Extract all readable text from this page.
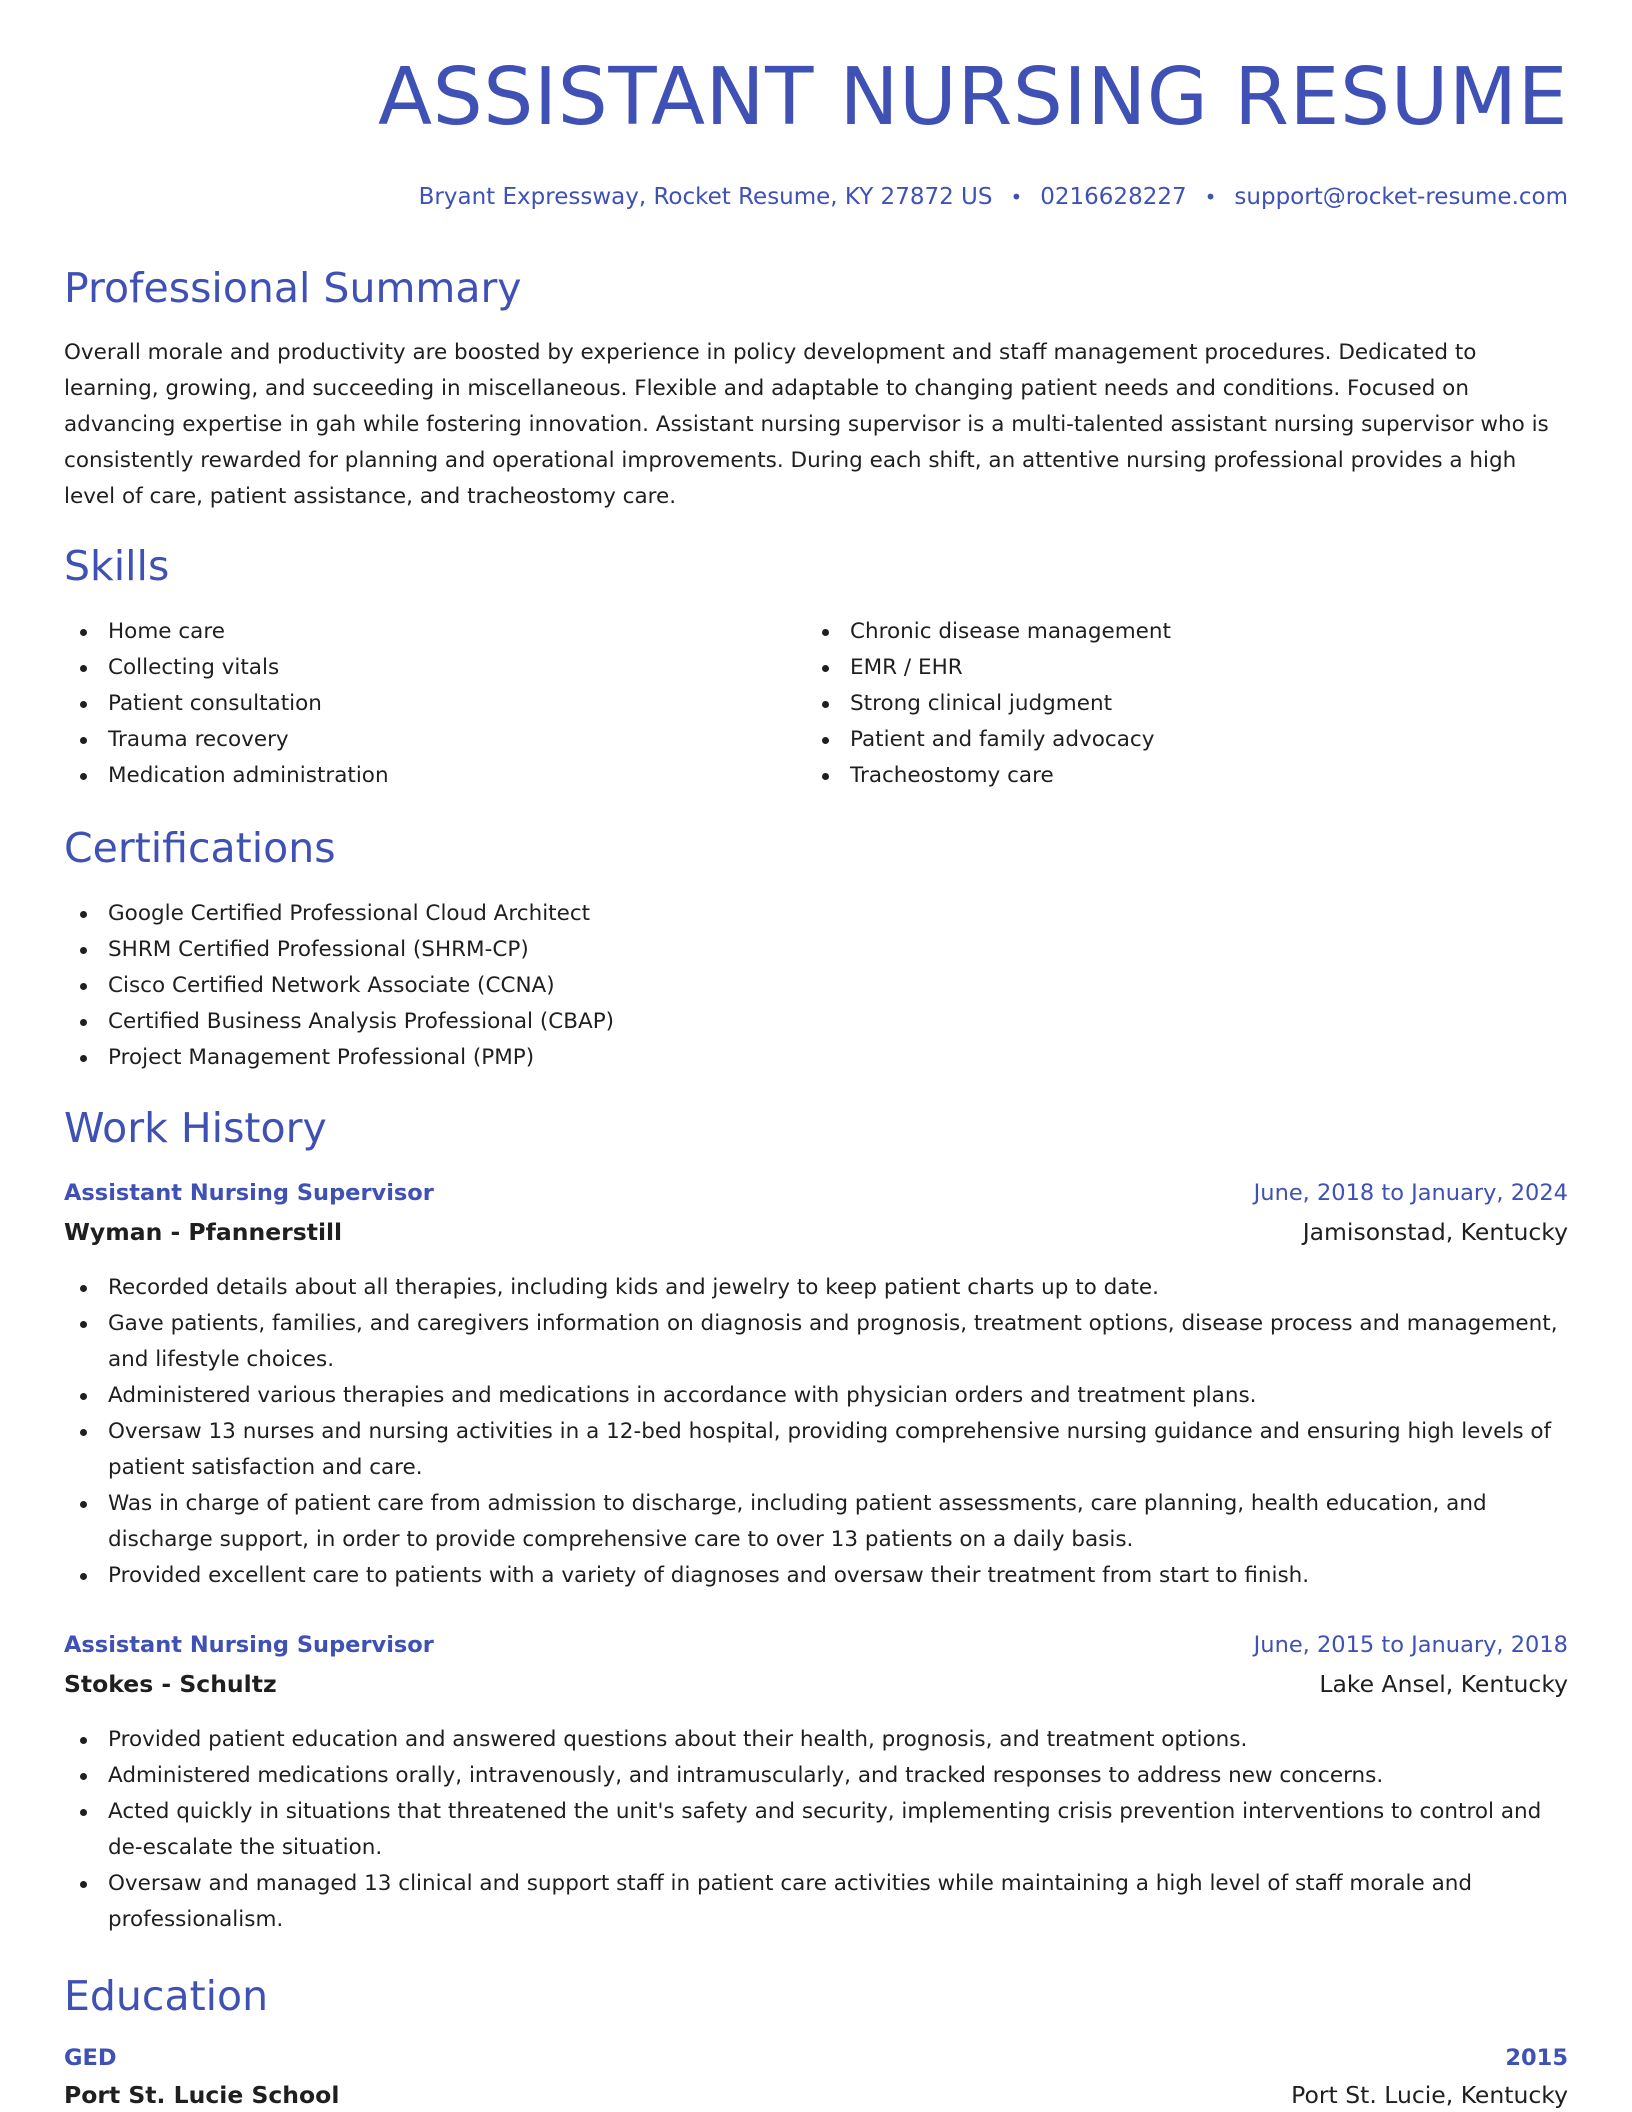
ASSISTANT NURSING RESUME
Bryant Expressway, Rocket Resume, KY 27872 US • 0216628227 • support@rocket-resume.com
Professional Summary

Overall morale and productivity are boosted by experience in policy development and staff management procedures. Dedicated to learning, growing, and succeeding in miscellaneous. Flexible and adaptable to changing patient needs and conditions. Focused on advancing expertise in gah while fostering innovation. Assistant nursing supervisor is a multi-talented assistant nursing supervisor who is consistently rewarded for planning and operational improvements. During each shift, an attentive nursing professional provides a high level of care, patient assistance, and tracheostomy care.

Skills
Home care
Collecting vitals
Patient consultation
Trauma recovery
Medication administration
Chronic disease management
EMR / EHR
Strong clinical judgment
Patient and family advocacy
Tracheostomy care
Certifications
Google Certified Professional Cloud Architect
SHRM Certified Professional (SHRM-CP)
Cisco Certified Network Associate (CCNA)
Certified Business Analysis Professional (CBAP)
Project Management Professional (PMP)
Work History
Assistant Nursing Supervisor	June, 2018 to January, 2024
Wyman - Pfannerstill	Jamisonstad, Kentucky
Recorded details about all therapies, including kids and jewelry to keep patient charts up to date.
Gave patients, families, and caregivers information on diagnosis and prognosis, treatment options, disease process and management, and lifestyle choices.
Administered various therapies and medications in accordance with physician orders and treatment plans.
Oversaw 13 nurses and nursing activities in a 12-bed hospital, providing comprehensive nursing guidance and ensuring high levels of patient satisfaction and care.
Was in charge of patient care from admission to discharge, including patient assessments, care planning, health education, and discharge support, in order to provide comprehensive care to over 13 patients on a daily basis.
Provided excellent care to patients with a variety of diagnoses and oversaw their treatment from start to finish.
Assistant Nursing Supervisor	June, 2015 to January, 2018
Stokes - Schultz	Lake Ansel, Kentucky
Provided patient education and answered questions about their health, prognosis, and treatment options.
Administered medications orally, intravenously, and intramuscularly, and tracked responses to address new concerns.
Acted quickly in situations that threatened the unit's safety and security, implementing crisis prevention interventions to control and de-escalate the situation.
Oversaw and managed 13 clinical and support staff in patient care activities while maintaining a high level of staff morale and professionalism.
Education
GED	2015
Port St. Lucie School	Port St. Lucie, Kentucky
